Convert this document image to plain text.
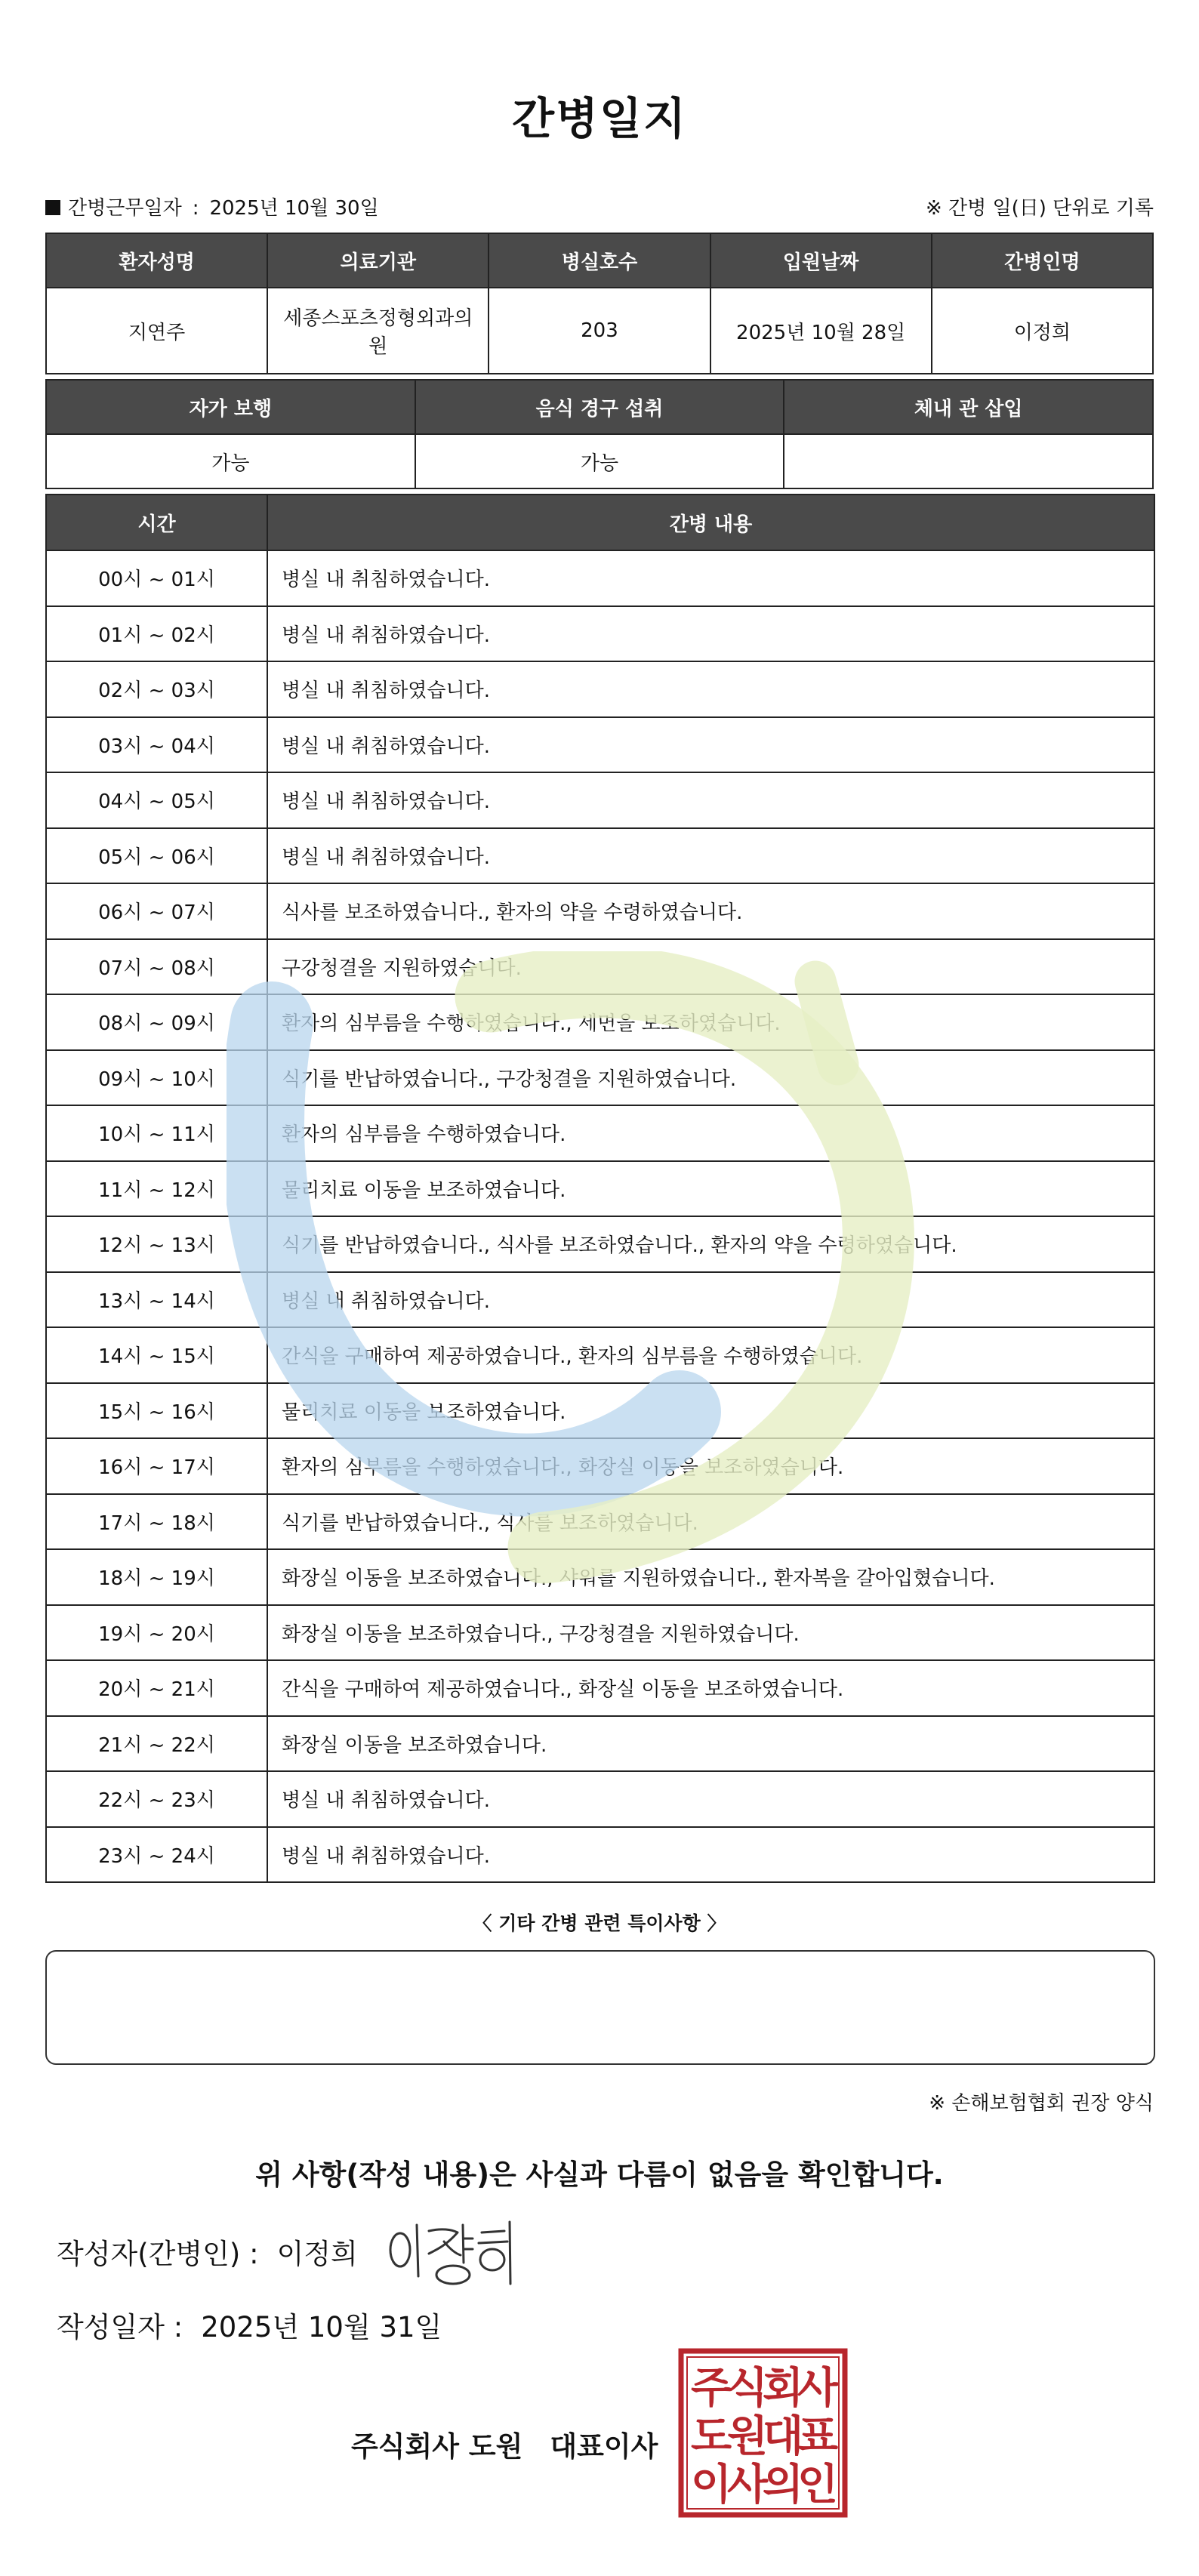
간병일지
간병근무일자 : 2025년 10월 30일	※ 간병 일(日) 단위로 기록
환자성명	의료기관	병실호수	입원날짜	간병인명
지연주	세종스포츠정형외과의원	203	2025년 10월 28일	이정희
자가 보행	음식 경구 섭취	체내 관 삽입
가능	가능	
시간	간병 내용
00시 ~ 01시	병실 내 취침하였습니다.
01시 ~ 02시	병실 내 취침하였습니다.
02시 ~ 03시	병실 내 취침하였습니다.
03시 ~ 04시	병실 내 취침하였습니다.
04시 ~ 05시	병실 내 취침하였습니다.
05시 ~ 06시	병실 내 취침하였습니다.
06시 ~ 07시	식사를 보조하였습니다., 환자의 약을 수령하였습니다.
07시 ~ 08시	구강청결을 지원하였습니다.
08시 ~ 09시	환자의 심부름을 수행하였습니다., 세면을 보조하였습니다.
09시 ~ 10시	식기를 반납하였습니다., 구강청결을 지원하였습니다.
10시 ~ 11시	환자의 심부름을 수행하였습니다.
11시 ~ 12시	물리치료 이동을 보조하였습니다.
12시 ~ 13시	식기를 반납하였습니다., 식사를 보조하였습니다., 환자의 약을 수령하였습니다.
13시 ~ 14시	병실 내 취침하였습니다.
14시 ~ 15시	간식을 구매하여 제공하였습니다., 환자의 심부름을 수행하였습니다.
15시 ~ 16시	물리치료 이동을 보조하였습니다.
16시 ~ 17시	환자의 심부름을 수행하였습니다., 화장실 이동을 보조하였습니다.
17시 ~ 18시	식기를 반납하였습니다., 식사를 보조하였습니다.
18시 ~ 19시	화장실 이동을 보조하였습니다., 샤워를 지원하였습니다., 환자복을 갈아입혔습니다.
19시 ~ 20시	화장실 이동을 보조하였습니다., 구강청결을 지원하였습니다.
20시 ~ 21시	간식을 구매하여 제공하였습니다., 화장실 이동을 보조하였습니다.
21시 ~ 22시	화장실 이동을 보조하였습니다.
22시 ~ 23시	병실 내 취침하였습니다.
23시 ~ 24시	병실 내 취침하였습니다.
〈 기타 간병 관련 특이사항 〉
※ 손해보험협회 권장 양식
위 사항(작성 내용)은 사실과 다름이 없음을 확인합니다.
작성자(간병인) : 이정희
작성일자 : 2025년 10월 31일
주식회사 도원 대표이사
주
식
회
사
도
원
대
표
이
사
의
인
